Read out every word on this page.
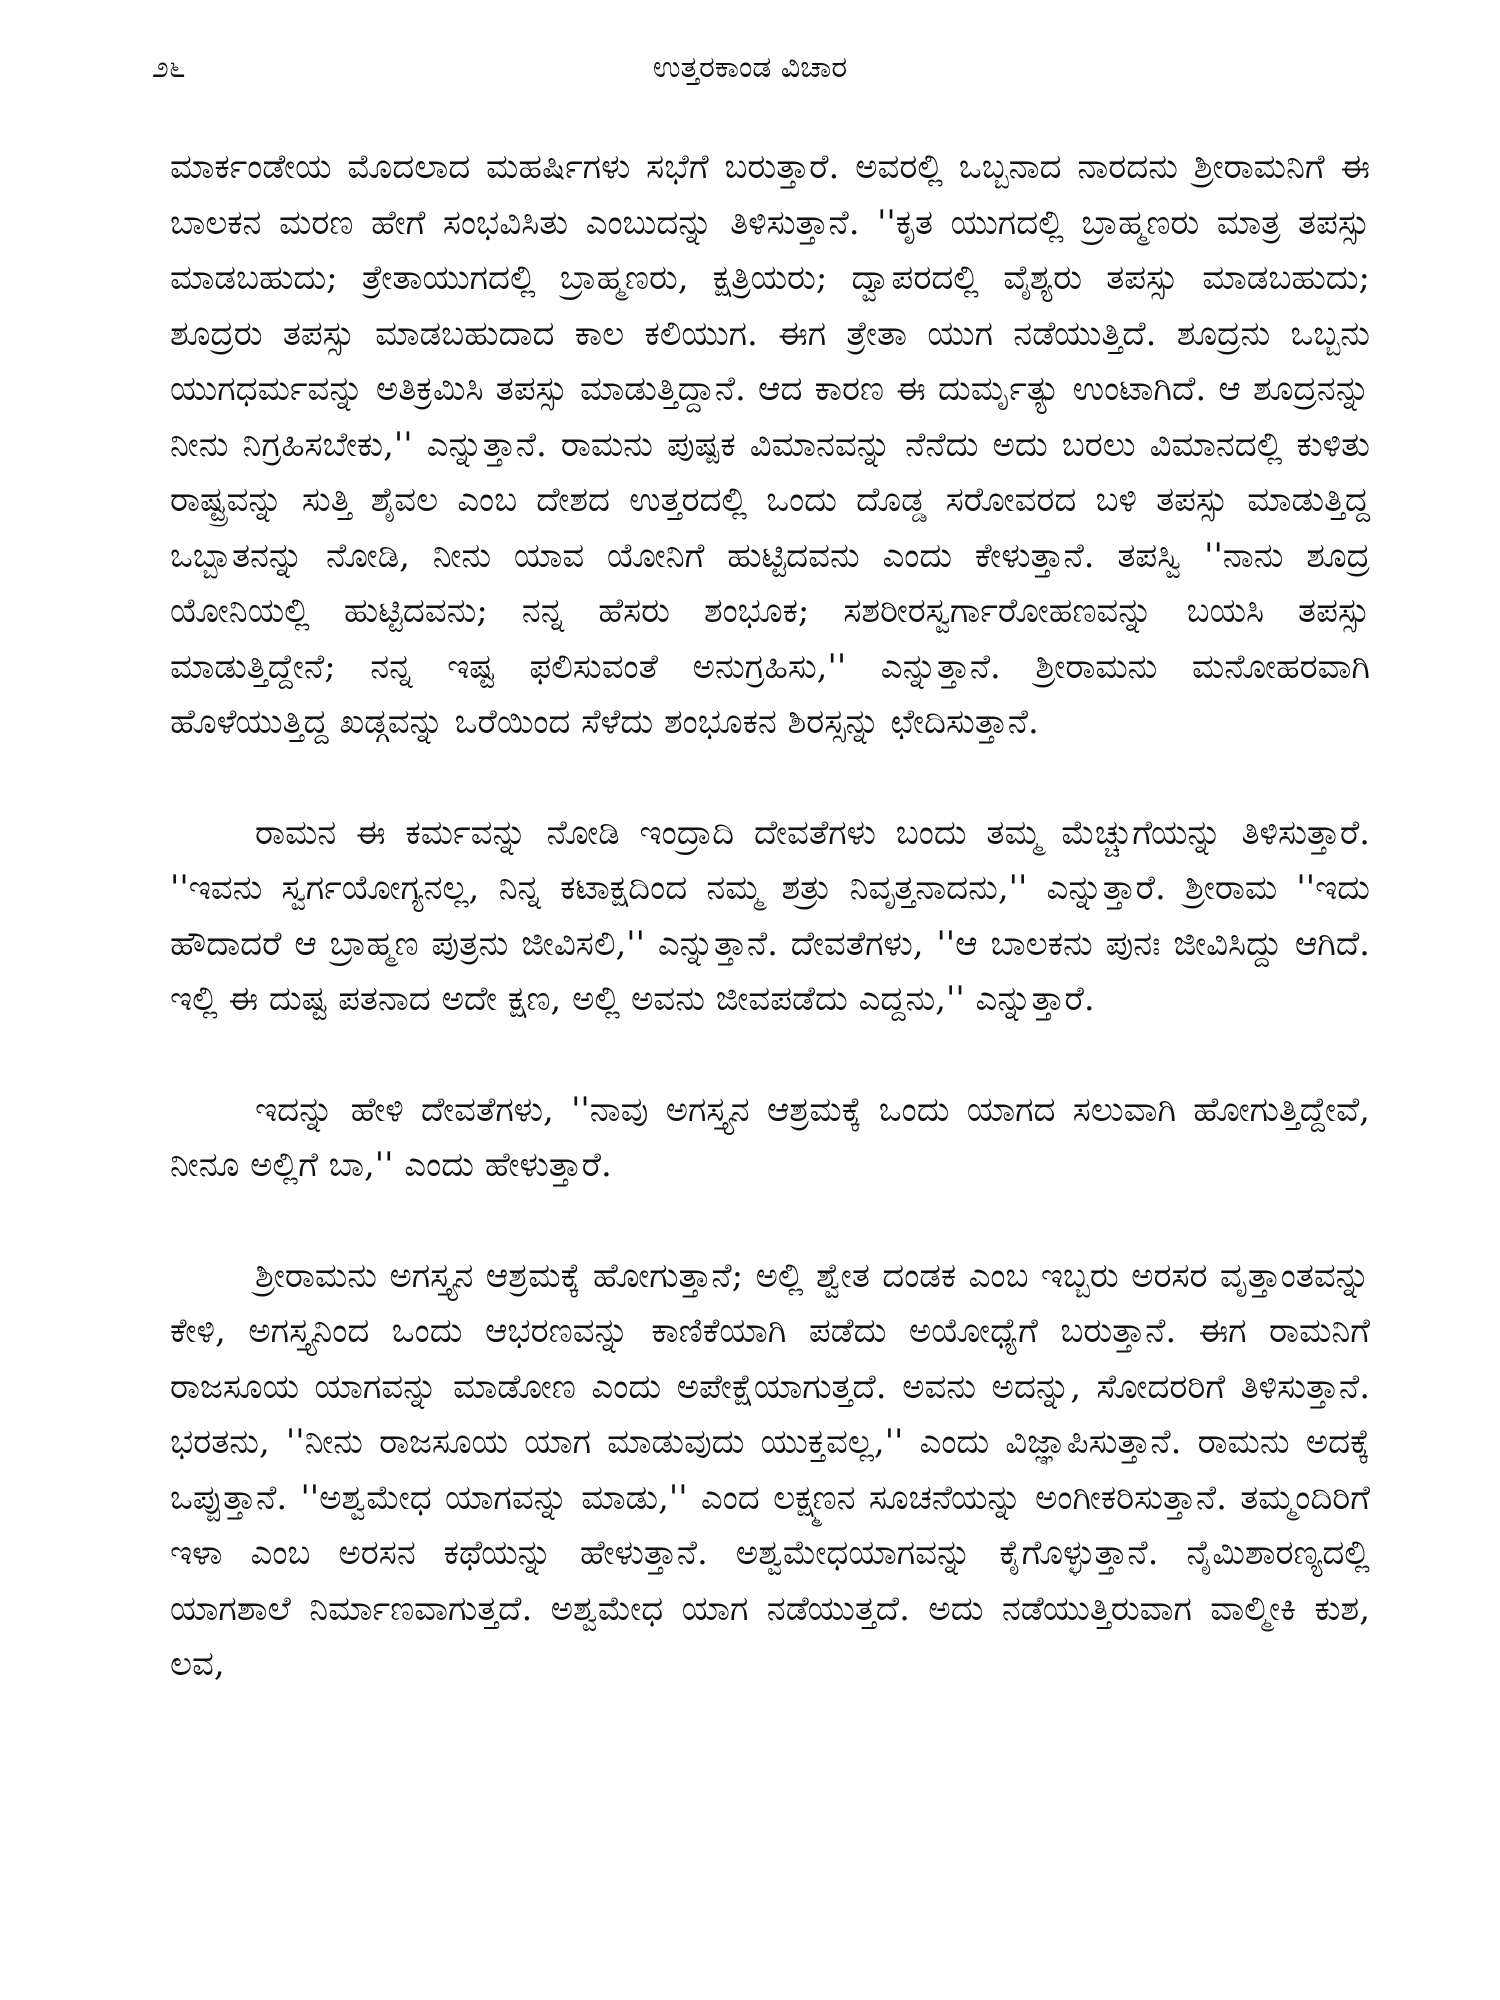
೨೬	ಉತ್ತರಕಾಂಡ ವಿಚಾರ

ಮಾರ್ಕಂಡೇಯ ಮೊದಲಾದ ಮಹರ್ಷಿಗಳು ಸಭೆಗೆ ಬರುತ್ತಾರೆ. ಅವರಲ್ಲಿ ಒಬ್ಬನಾದ ನಾರದನು ಶ್ರೀರಾಮನಿಗೆ ಈ ಬಾಲಕನ ಮರಣ ಹೇಗೆ ಸಂಭವಿಸಿತು ಎಂಬುದನ್ನು ತಿಳಿಸುತ್ತಾನೆ. ''ಕೃತ ಯುಗದಲ್ಲಿ ಬ್ರಾಹ್ಮಣರು ಮಾತ್ರ ತಪಸ್ಸು ಮಾಡಬಹುದು; ತ್ರೇತಾಯುಗದಲ್ಲಿ ಬ್ರಾಹ್ಮಣರು, ಕ್ಷತ್ರಿಯರು; ದ್ವಾಪರದಲ್ಲಿ ವೈಶ್ಯರು ತಪಸ್ಸು ಮಾಡಬಹುದು; ಶೂದ್ರರು ತಪಸ್ಸು ಮಾಡಬಹುದಾದ ಕಾಲ ಕಲಿಯುಗ. ಈಗ ತ್ರೇತಾ ಯುಗ ನಡೆಯುತ್ತಿದೆ. ಶೂದ್ರನು ಒಬ್ಬನು ಯುಗಧರ್ಮವನ್ನು ಅತಿಕ್ರಮಿಸಿ ತಪಸ್ಸು ಮಾಡುತ್ತಿದ್ದಾನೆ. ಆದ ಕಾರಣ ಈ ದುರ್ಮೃತ್ಯು ಉಂಟಾಗಿದೆ. ಆ ಶೂದ್ರನನ್ನು ನೀನು ನಿಗ್ರಹಿಸಬೇಕು,'' ಎನ್ನುತ್ತಾನೆ. ರಾಮನು ಪುಷ್ಪಕ ವಿಮಾನವನ್ನು ನೆನೆದು ಅದು ಬರಲು ವಿಮಾನದಲ್ಲಿ ಕುಳಿತು ರಾಷ್ಟ್ರವನ್ನು ಸುತ್ತಿ ಶೈವಲ ಎಂಬ ದೇಶದ ಉತ್ತರದಲ್ಲಿ ಒಂದು ದೊಡ್ಡ ಸರೋವರದ ಬಳಿ ತಪಸ್ಸು ಮಾಡುತ್ತಿದ್ದ ಒಬ್ಬಾತನನ್ನು ನೋಡಿ, ನೀನು ಯಾವ ಯೋನಿಗೆ ಹುಟ್ಟಿದವನು ಎಂದು ಕೇಳುತ್ತಾನೆ. ತಪಸ್ವಿ ''ನಾನು ಶೂದ್ರ ಯೋನಿಯಲ್ಲಿ ಹುಟ್ಟಿದವನು; ನನ್ನ ಹೆಸರು ಶಂಭೂಕ; ಸಶರೀರಸ್ವರ್ಗಾರೋಹಣವನ್ನು ಬಯಸಿ ತಪಸ್ಸು ಮಾಡುತ್ತಿದ್ದೇನೆ; ನನ್ನ ಇಷ್ಟ ಫಲಿಸುವಂತೆ ಅನುಗ್ರಹಿಸು,'' ಎನ್ನುತ್ತಾನೆ. ಶ್ರೀರಾಮನು ಮನೋಹರವಾಗಿ ಹೊಳೆಯುತ್ತಿದ್ದ ಖಡ್ಗವನ್ನು ಒರೆಯಿಂದ ಸೆಳೆದು ಶಂಭೂಕನ ಶಿರಸ್ಸನ್ನು ಛೇದಿಸುತ್ತಾನೆ.

ರಾಮನ ಈ ಕರ್ಮವನ್ನು ನೋಡಿ ಇಂದ್ರಾದಿ ದೇವತೆಗಳು ಬಂದು ತಮ್ಮ ಮೆಚ್ಚುಗೆಯನ್ನು ತಿಳಿಸುತ್ತಾರೆ. ''ಇವನು ಸ್ವರ್ಗಯೋಗ್ಯನಲ್ಲ, ನಿನ್ನ ಕಟಾಕ್ಷದಿಂದ ನಮ್ಮ ಶತ್ರು ನಿವೃತ್ತನಾದನು,'' ಎನ್ನುತ್ತಾರೆ. ಶ್ರೀರಾಮ ''ಇದು ಹೌದಾದರೆ ಆ ಬ್ರಾಹ್ಮಣ ಪುತ್ರನು ಜೀವಿಸಲಿ,'' ಎನ್ನುತ್ತಾನೆ. ದೇವತೆಗಳು, ''ಆ ಬಾಲಕನು ಪುನಃ ಜೀವಿಸಿದ್ದು ಆಗಿದೆ. ಇಲ್ಲಿ ಈ ದುಷ್ಟ ಪತನಾದ ಅದೇ ಕ್ಷಣ, ಅಲ್ಲಿ ಅವನು ಜೀವಪಡೆದು ಎದ್ದನು,'' ಎನ್ನುತ್ತಾರೆ.

ಇದನ್ನು ಹೇಳಿ ದೇವತೆಗಳು, ''ನಾವು ಅಗಸ್ತ್ಯನ ಆಶ್ರಮಕ್ಕೆ ಒಂದು ಯಾಗದ ಸಲುವಾಗಿ ಹೋಗುತ್ತಿದ್ದೇವೆ, ನೀನೂ ಅಲ್ಲಿಗೆ ಬಾ,'' ಎಂದು ಹೇಳುತ್ತಾರೆ.

ಶ್ರೀರಾಮನು ಅಗಸ್ತ್ಯನ ಆಶ್ರಮಕ್ಕೆ ಹೋಗುತ್ತಾನೆ; ಅಲ್ಲಿ ಶ್ವೇತ ದಂಡಕ ಎಂಬ ಇಬ್ಬರು ಅರಸರ ವೃತ್ತಾಂತವನ್ನು ಕೇಳಿ, ಅಗಸ್ತ್ಯನಿಂದ ಒಂದು ಆಭರಣವನ್ನು ಕಾಣಿಕೆಯಾಗಿ ಪಡೆದು ಅಯೋಧ್ಯೆಗೆ ಬರುತ್ತಾನೆ. ಈಗ ರಾಮನಿಗೆ ರಾಜಸೂಯ ಯಾಗವನ್ನು ಮಾಡೋಣ ಎಂದು ಅಪೇಕ್ಷೆಯಾಗುತ್ತದೆ. ಅವನು ಅದನ್ನು, ಸೋದರರಿಗೆ ತಿಳಿಸುತ್ತಾನೆ. ಭರತನು, ''ನೀನು ರಾಜಸೂಯ ಯಾಗ ಮಾಡುವುದು ಯುಕ್ತವಲ್ಲ,'' ಎಂದು ವಿಜ್ಞಾಪಿಸುತ್ತಾನೆ. ರಾಮನು ಅದಕ್ಕೆ ಒಪ್ಪುತ್ತಾನೆ. ''ಅಶ್ವಮೇಧ ಯಾಗವನ್ನು ಮಾಡು,'' ಎಂದ ಲಕ್ಷ್ಮಣನ ಸೂಚನೆಯನ್ನು ಅಂಗೀಕರಿಸುತ್ತಾನೆ. ತಮ್ಮಂದಿರಿಗೆ ಇಳಾ ಎಂಬ ಅರಸನ ಕಥೆಯನ್ನು ಹೇಳುತ್ತಾನೆ. ಅಶ್ವಮೇಧಯಾಗವನ್ನು ಕೈಗೊಳ್ಳುತ್ತಾನೆ. ನೈಮಿಶಾರಣ್ಯದಲ್ಲಿ ಯಾಗಶಾಲೆ ನಿರ್ಮಾಣವಾಗುತ್ತದೆ. ಅಶ್ವಮೇಧ ಯಾಗ ನಡೆಯುತ್ತದೆ. ಅದು ನಡೆಯುತ್ತಿರುವಾಗ ವಾಲ್ಮೀಕಿ ಕುಶ, ಲವ,
